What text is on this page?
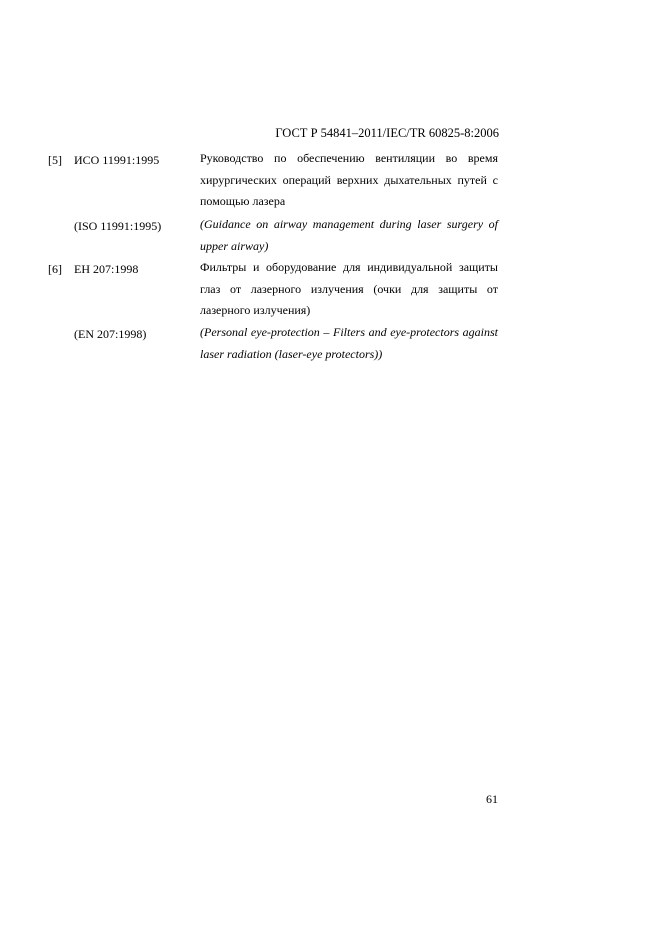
ГОСТ Р 54841–2011/IEC/TR 60825-8:2006
[5] ИСО 11991:1995	Руководство по обеспечению вентиляции во время хирургических операций верхних дыхательных путей с помощью лазера
(ISO 11991:1995)	(Guidance on airway management during laser surgery of upper airway)
[6] ЕН 207:1998	Фильтры и оборудование для индивидуальной защиты глаз от лазерного излучения (очки для защиты от лазерного излучения)
(EN 207:1998)	(Personal eye-protection – Filters and eye-protectors against laser radiation (laser-eye protectors))
61
